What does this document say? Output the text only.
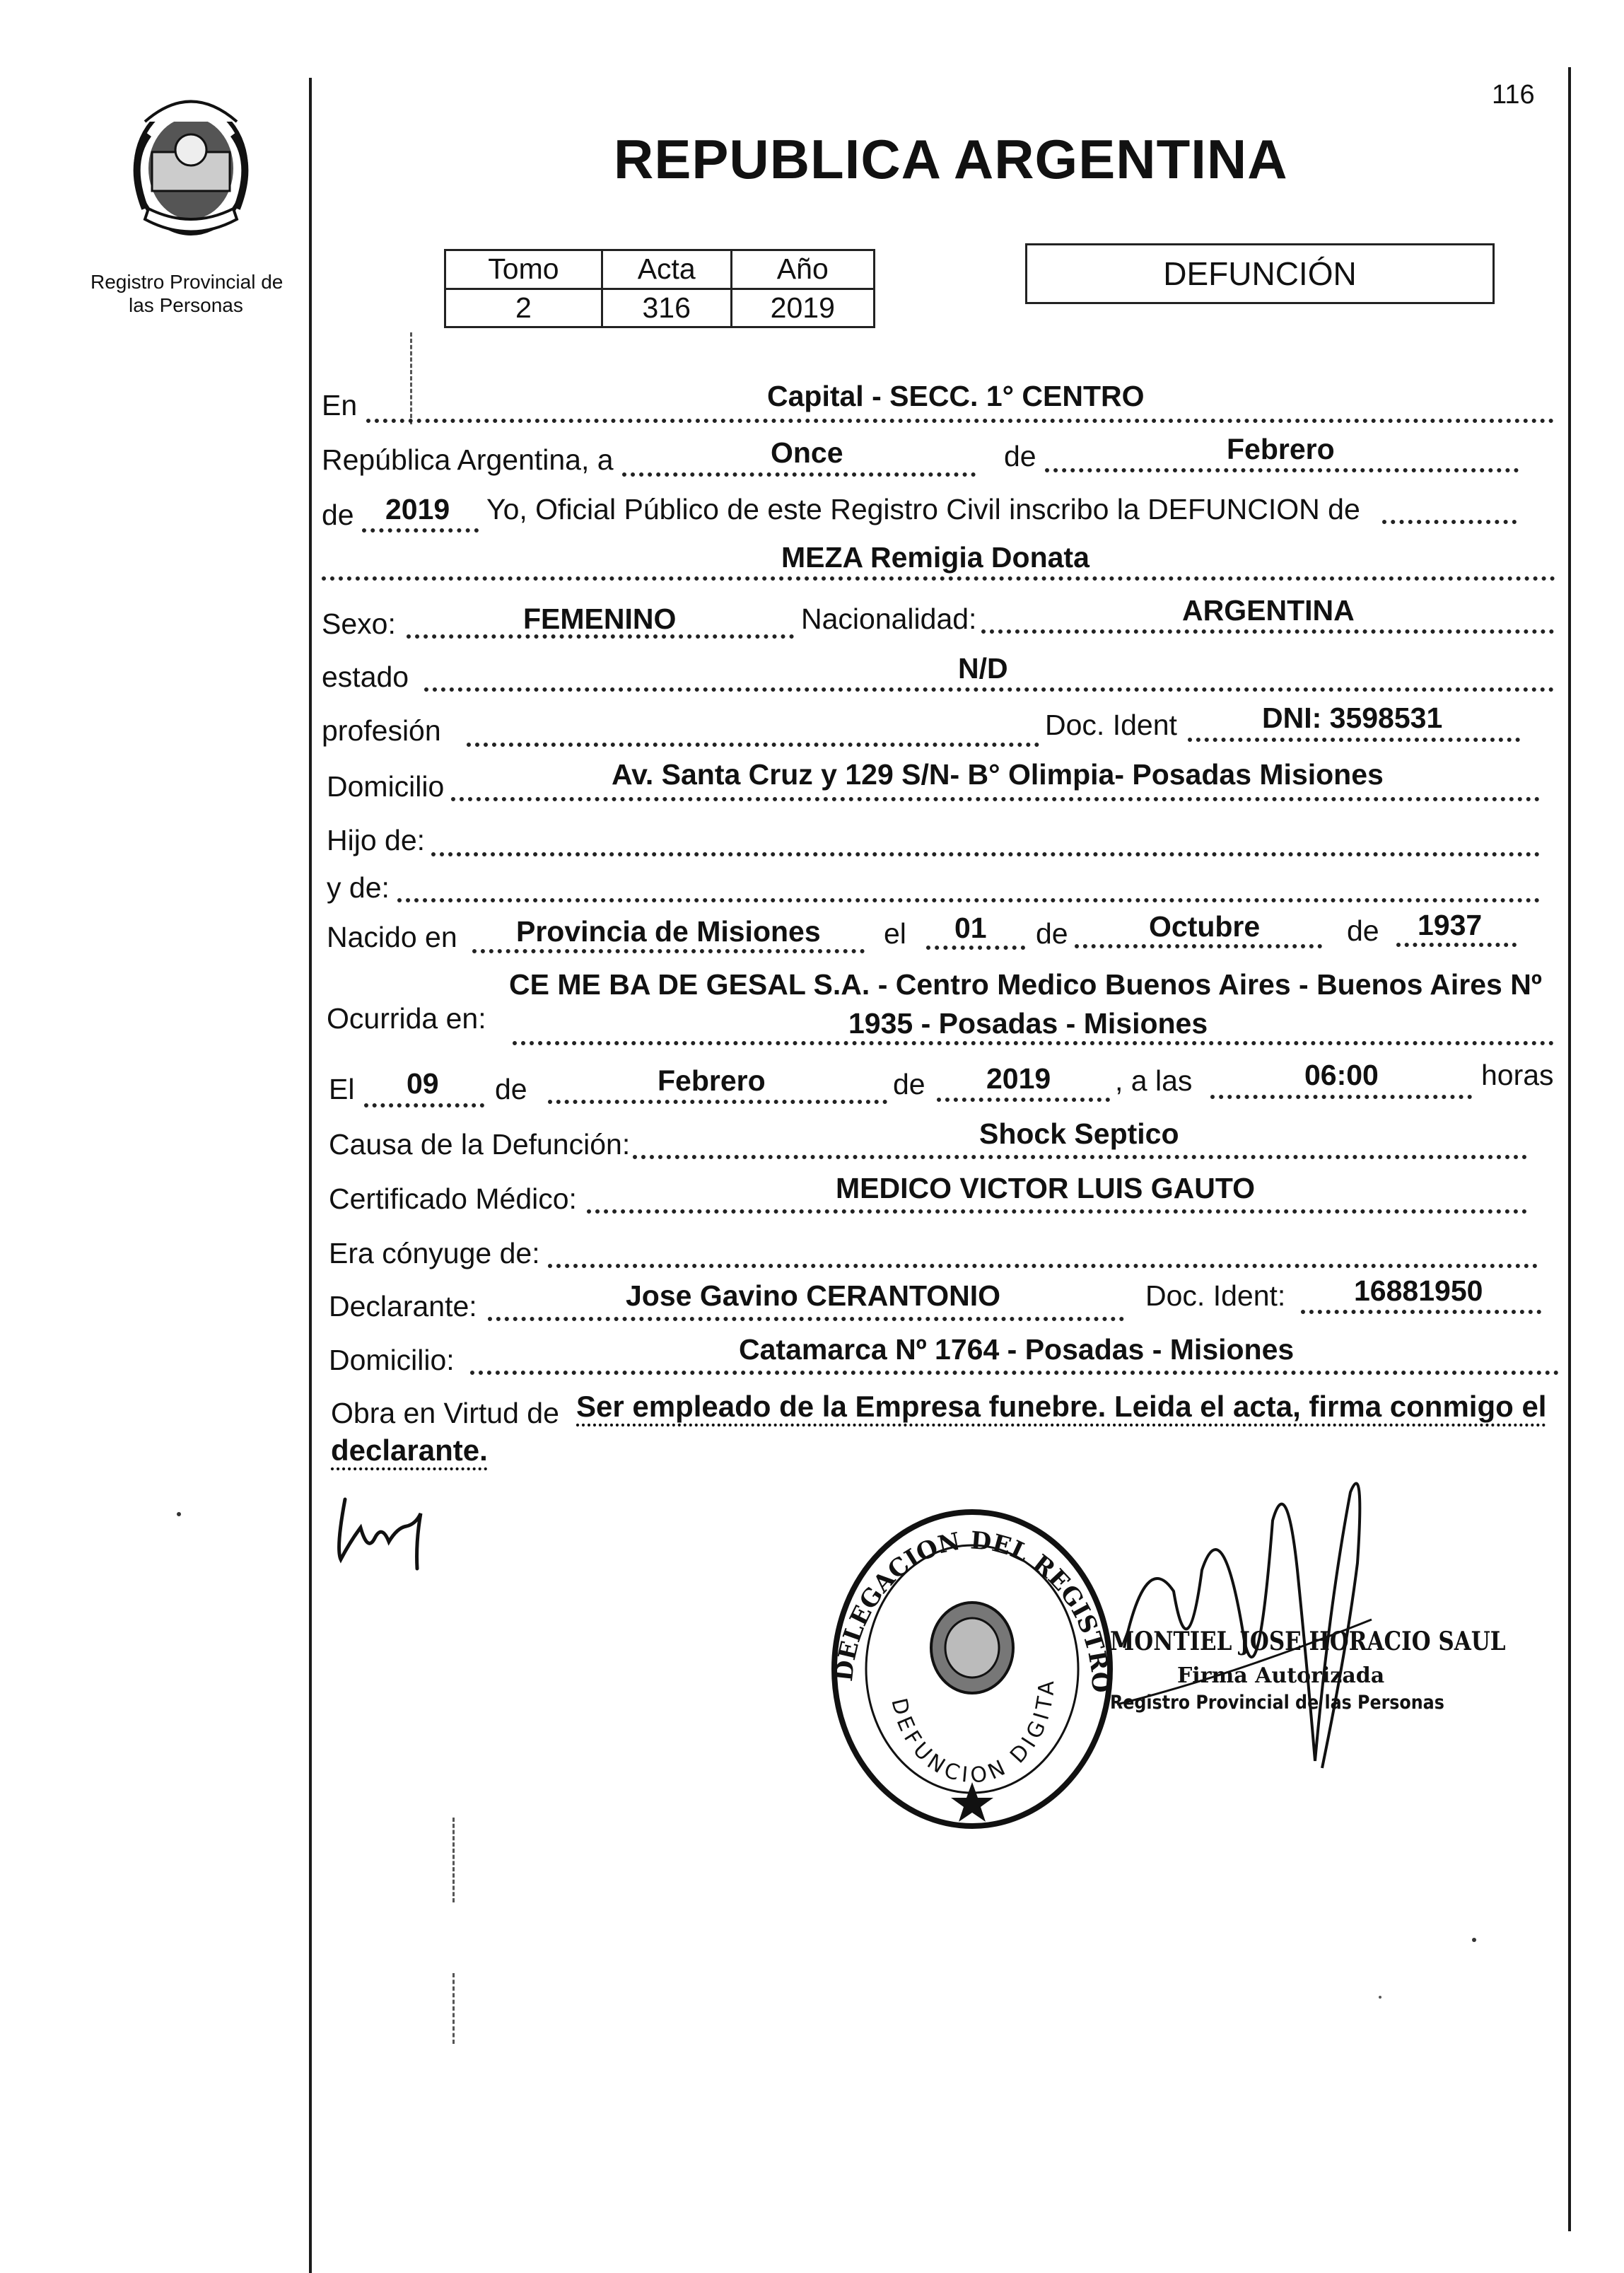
116
Registro Provincial de
las Personas
REPUBLICA ARGENTINA
Tomo	Acta	Año
2	316	2019
DEFUNCIÓN
En	Capital - SECC. 1° CENTRO
República Argentina, a	Once	de	Febrero
de 2019 Yo, Oficial Público de este Registro Civil inscribo la DEFUNCION de
MEZA Remigia Donata
Sexo:	FEMENINO	Nacionalidad:	ARGENTINA
estado	N/D
profesión	Doc. Ident	DNI: 3598531
Domicilio	Av. Santa Cruz y 129 S/N- B° Olimpia- Posadas Misiones
Hijo de:
y de:
Nacido en Provincia de Misiones el 01 de	Octubre	de 1937
Ocurrida en:
CE ME BA DE GESAL S.A. - Centro Medico Buenos Aires - Buenos Aires Nº
1935 - Posadas - Misiones
El 09 de	Febrero	de 2019 , a las	06:00	horas
Causa de la Defunción:	Shock Septico
Certificado Médico:	MEDICO VICTOR LUIS GAUTO
Era cónyuge de:
Declarante:	Jose Gavino CERANTONIO	Doc. Ident: 16881950
Domicilio:	Catamarca Nº 1764 - Posadas - Misiones
Obra en Virtud de Ser empleado de la Empresa funebre. Leida el acta, firma conmigo el
declarante.
DELEGACION DEL REGISTRO
DEFUNCION DIGITA
MONTIEL JOSE HORACIO SAUL
Firma Autorizada
Registro Provincial de las Personas
